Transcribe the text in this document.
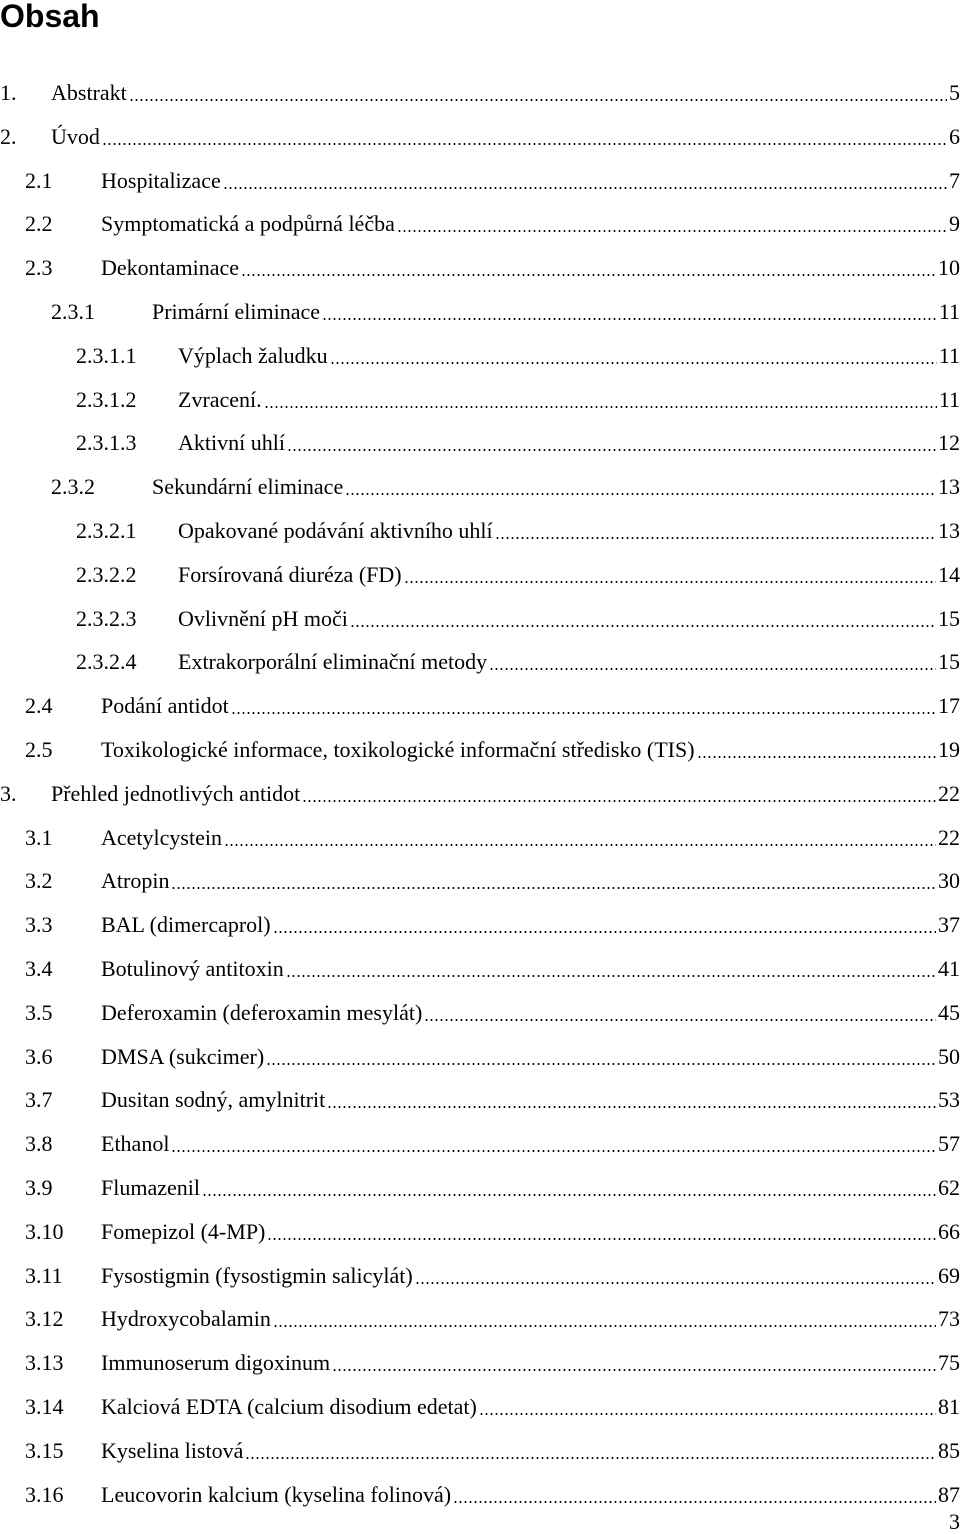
Obsah
1.	Abstrakt	5
2.	Úvod	6
2.1	Hospitalizace	7
2.2	Symptomatická a podpůrná léčba	9
2.3	Dekontaminace	10
2.3.1	Primární eliminace	11
2.3.1.1	Výplach žaludku	11
2.3.1.2	Zvracení.	11
2.3.1.3	Aktivní uhlí	12
2.3.2	Sekundární eliminace	13
2.3.2.1	Opakované podávání aktivního uhlí	13
2.3.2.2	Forsírovaná diuréza (FD)	14
2.3.2.3	Ovlivnění pH moči	15
2.3.2.4	Extrakorporální eliminační metody	15
2.4	Podání antidot	17
2.5	Toxikologické informace, toxikologické informační středisko (TIS)	19
3.	Přehled jednotlivých antidot	22
3.1	Acetylcystein	22
3.2	Atropin	30
3.3	BAL (dimercaprol)	37
3.4	Botulinový antitoxin	41
3.5	Deferoxamin (deferoxamin mesylát)	45
3.6	DMSA (sukcimer)	50
3.7	Dusitan sodný, amylnitrit	53
3.8	Ethanol	57
3.9	Flumazenil	62
3.10	Fomepizol (4-MP)	66
3.11	Fysostigmin (fysostigmin salicylát)	69
3.12	Hydroxycobalamin	73
3.13	Immunoserum digoxinum	75
3.14	Kalciová EDTA (calcium disodium edetat)	81
3.15	Kyselina listová	85
3.16	Leucovorin kalcium (kyselina folinová)	87
3
